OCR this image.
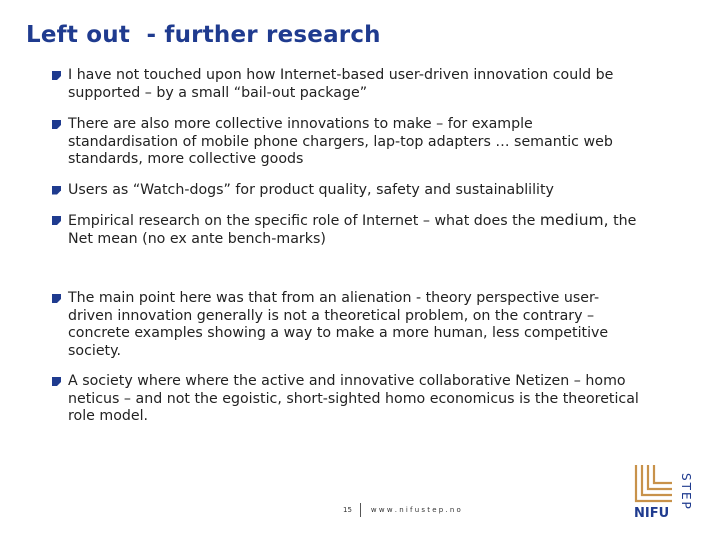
Left out  - further research
I have not touched upon how Internet-based user-driven innovation could be supported – by a small “bail-out package”
There are also more collective innovations to make – for example standardisation of mobile phone chargers, lap-top adapters … semantic web standards, more collective goods
Users as “Watch-dogs” for product quality, safety and sustainablility
Empirical research on the specific role of Internet – what does the medium, the Net mean (no ex ante bench-marks)
The main point here was that from an alienation - theory perspective user-driven innovation generally is not a theoretical problem, on the contrary – concrete examples showing a way to make a more human, less competitive society.
A society where where the active and innovative collaborative Netizen – homo neticus – and not the egoistic, short-sighted homo economicus is the theoretical role model.
15	w w w . n i f u s t e p . n o	NIFU
STEP
